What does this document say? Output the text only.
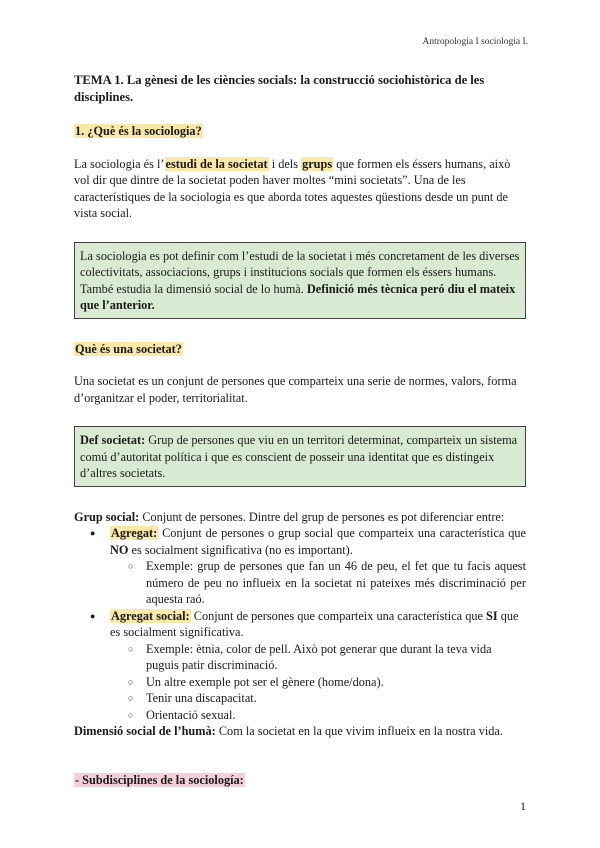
Antropologia I sociologia I.

TEMA 1. La gènesi de les ciències socials: la construcció sociohistòrica de les disciplines.

1. ¿Què és la sociologia?

La sociologia és l’estudi de la societat i dels grups que formen els éssers humans, això vol dir que dintre de la societat poden haver moltes “mini societats”. Una de les característiques de la sociologia es que aborda totes aquestes qüestions desde un punt de vista social.

La sociologia es pot definir com l’estudi de la societat i més concretament de les diverses colectivitats, associacions, grups i institucions socials que formen els éssers humans. També estudia la dimensió social de lo humà. Definició més tècnica peró diu el mateix que l’anterior.

Què és una societat?

Una societat es un conjunt de persones que comparteix una serie de normes, valors, forma d’organitzar el poder, territorialitat.

Def societat: Grup de persones que viu en un territori determinat, comparteix un sistema comú d’autoritat política i que es conscient de posseir una identitat que es distingeix d’altres societats.

Grup social: Conjunt de persones. Dintre del grup de persones es pot diferenciar entre:

● Agregat: Conjunt de persones o grup social que comparteix una característica que NO es socialment significativa (no es important).
○ Exemple: grup de persones que fan un 46 de peu, el fet que tu facis aquest número de peu no influeix en la societat ni pateixes més discriminació per aquesta raó.
● Agregat social: Conjunt de persones que comparteix una característica que SI que es socialment significativa.
○ Exemple: ètnia, color de pell. Això pot generar que durant la teva vida puguis patir discriminació.
○ Un altre exemple pot ser el gènere (home/dona).
○ Tenir una discapacitat.
○ Orientació sexual.

Dimensió social de l’humà: Com la societat en la que vivim influeix en la nostra vida.

- Subdisciplines de la sociología:

1
